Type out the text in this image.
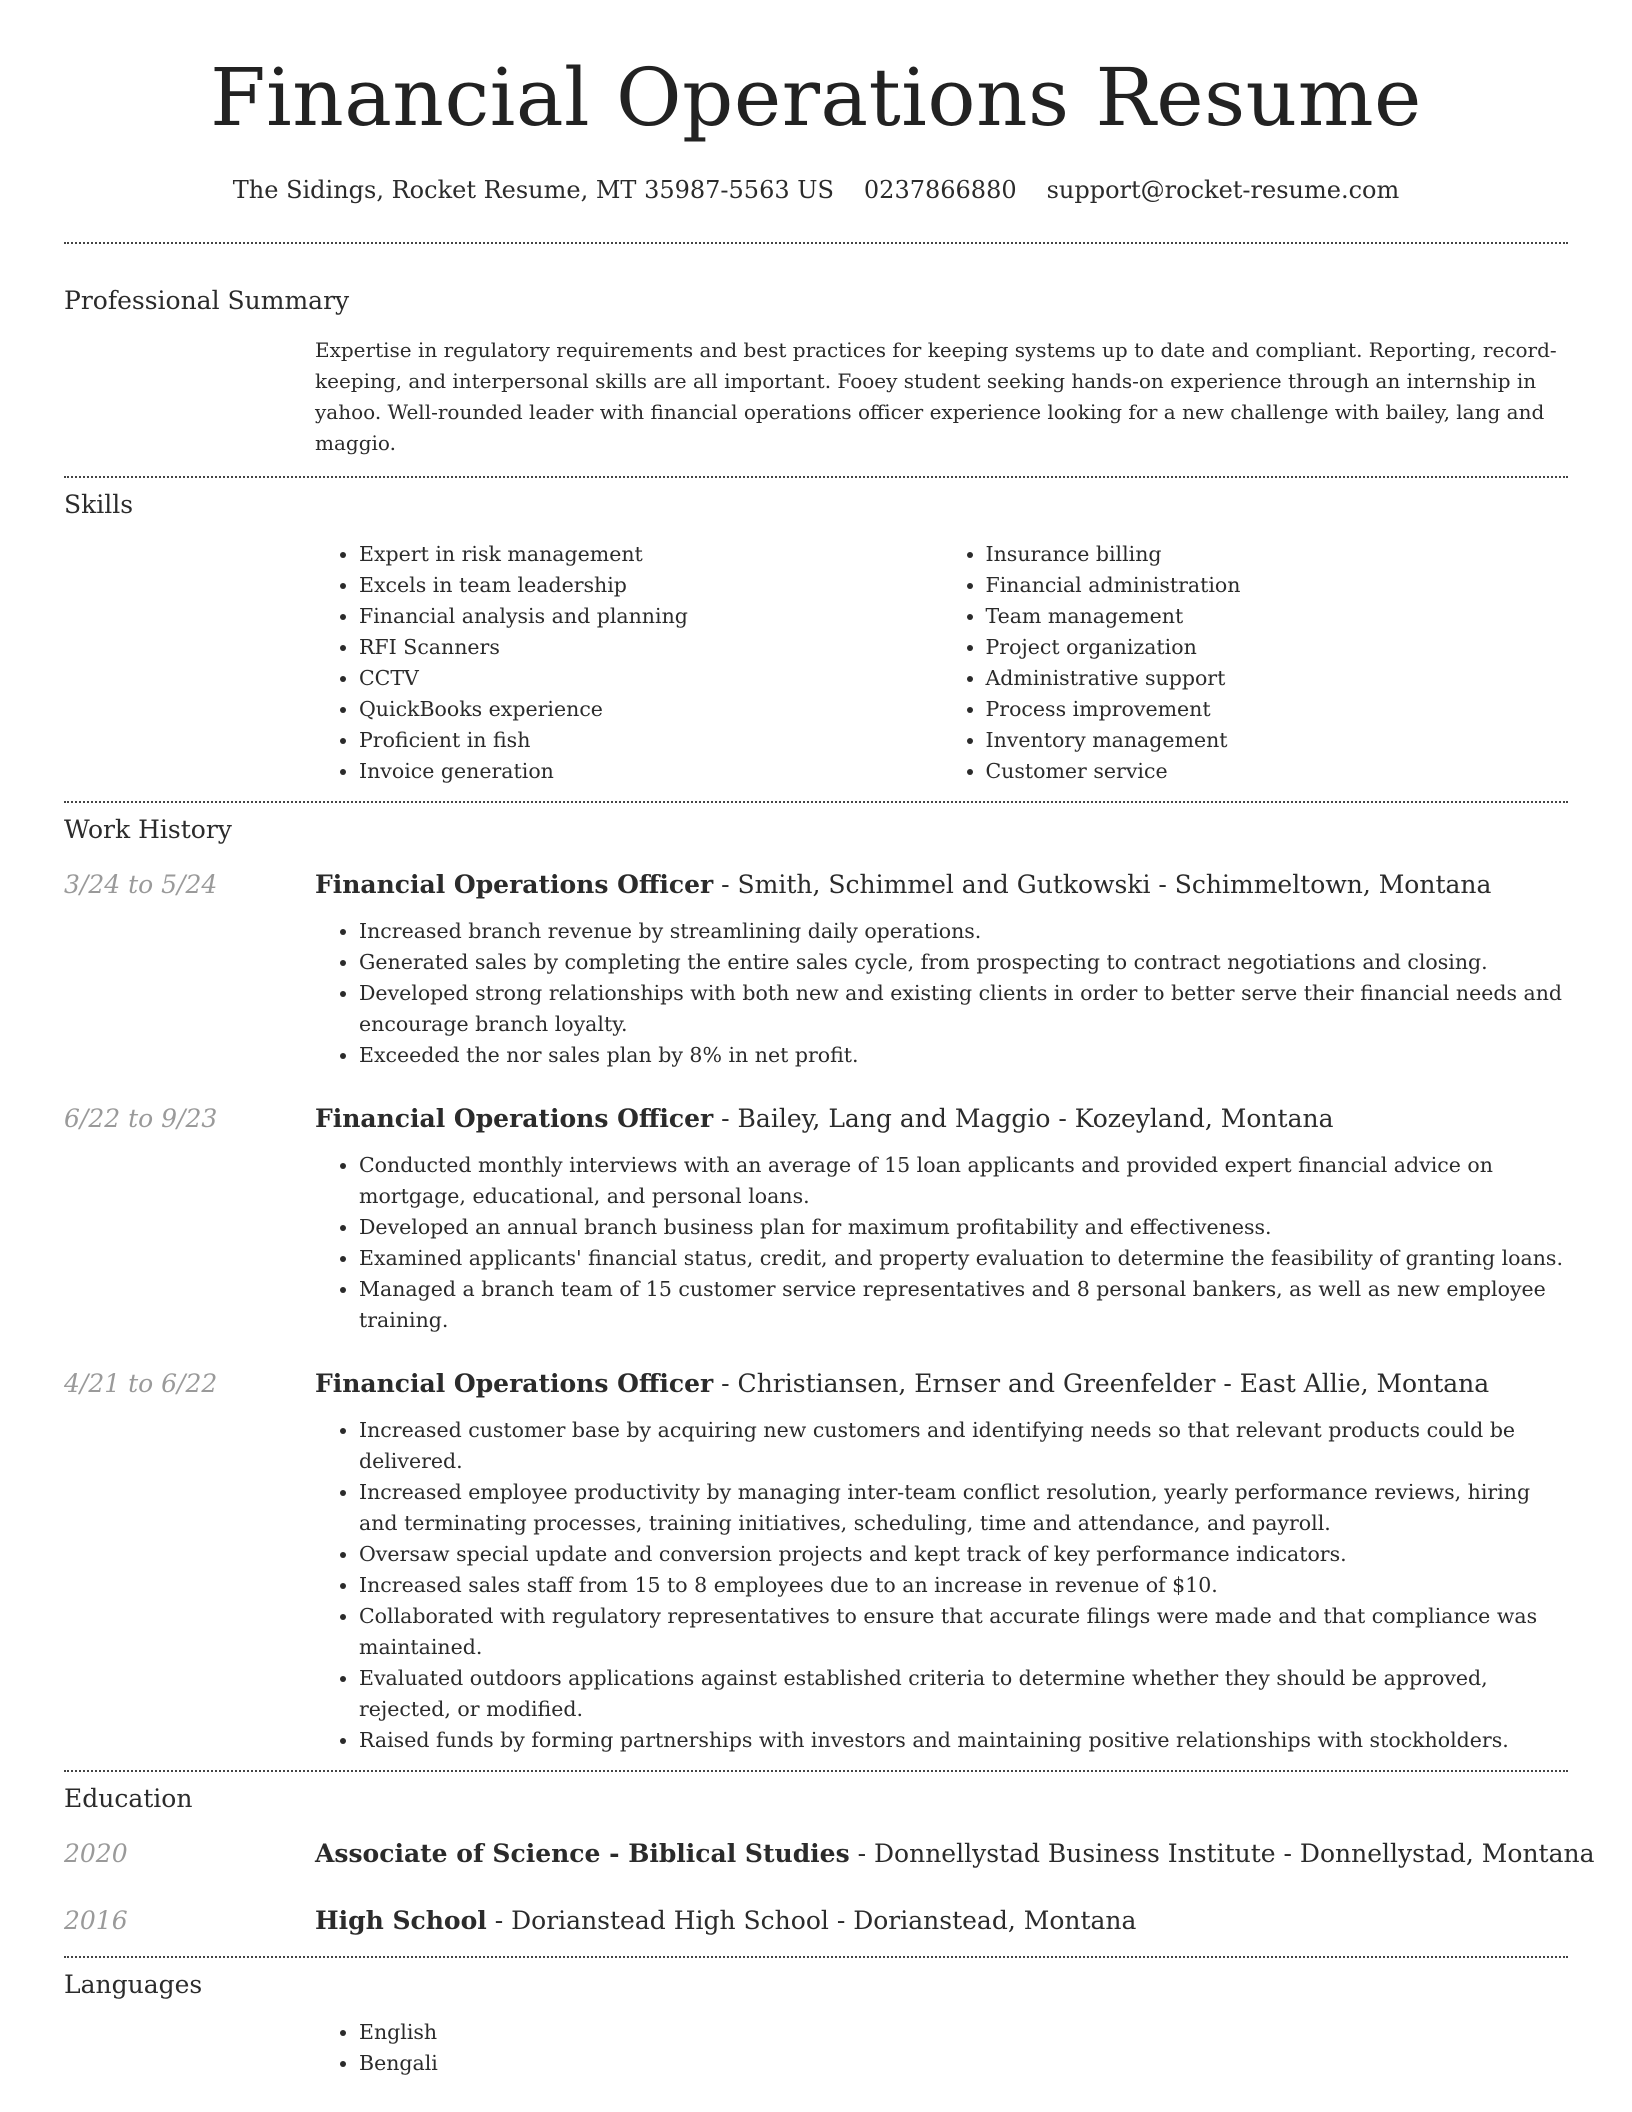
Financial Operations Resume
The Sidings, Rocket Resume, MT 35987-5563 US 0237866880 support@rocket-resume.com
Professional Summary

Expertise in regulatory requirements and best practices for keeping systems up to date and compliant. Reporting, record-keeping, and interpersonal skills are all important. Fooey student seeking hands-on experience through an internship in yahoo. Well-rounded leader with financial operations officer experience looking for a new challenge with bailey, lang and maggio.

Skills
• Expert in risk management
• Excels in team leadership
• Financial analysis and planning
• RFI Scanners
• CCTV
• QuickBooks experience
• Proficient in fish
• Invoice generation
• Insurance billing
• Financial administration
• Team management
• Project organization
• Administrative support
• Process improvement
• Inventory management
• Customer service
Work History
3/24 to 5/24	Financial Operations Officer - Smith, Schimmel and Gutkowski - Schimmeltown, Montana
• Increased branch revenue by streamlining daily operations.
• Generated sales by completing the entire sales cycle, from prospecting to contract negotiations and closing.
• Developed strong relationships with both new and existing clients in order to better serve their financial needs and encourage branch loyalty.
• Exceeded the nor sales plan by 8% in net profit.
6/22 to 9/23	Financial Operations Officer - Bailey, Lang and Maggio - Kozeyland, Montana
• Conducted monthly interviews with an average of 15 loan applicants and provided expert financial advice on mortgage, educational, and personal loans.
• Developed an annual branch business plan for maximum profitability and effectiveness.
• Examined applicants' financial status, credit, and property evaluation to determine the feasibility of granting loans.
• Managed a branch team of 15 customer service representatives and 8 personal bankers, as well as new employee training.
4/21 to 6/22	Financial Operations Officer - Christiansen, Ernser and Greenfelder - East Allie, Montana
• Increased customer base by acquiring new customers and identifying needs so that relevant products could be delivered.
• Increased employee productivity by managing inter-team conflict resolution, yearly performance reviews, hiring and terminating processes, training initiatives, scheduling, time and attendance, and payroll.
• Oversaw special update and conversion projects and kept track of key performance indicators.
• Increased sales staff from 15 to 8 employees due to an increase in revenue of $10.
• Collaborated with regulatory representatives to ensure that accurate filings were made and that compliance was maintained.
• Evaluated outdoors applications against established criteria to determine whether they should be approved, rejected, or modified.
• Raised funds by forming partnerships with investors and maintaining positive relationships with stockholders.
Education
2020	Associate of Science - Biblical Studies - Donnellystad Business Institute - Donnellystad, Montana
2016	High School - Dorianstead High School - Dorianstead, Montana
Languages
• English
• Bengali
